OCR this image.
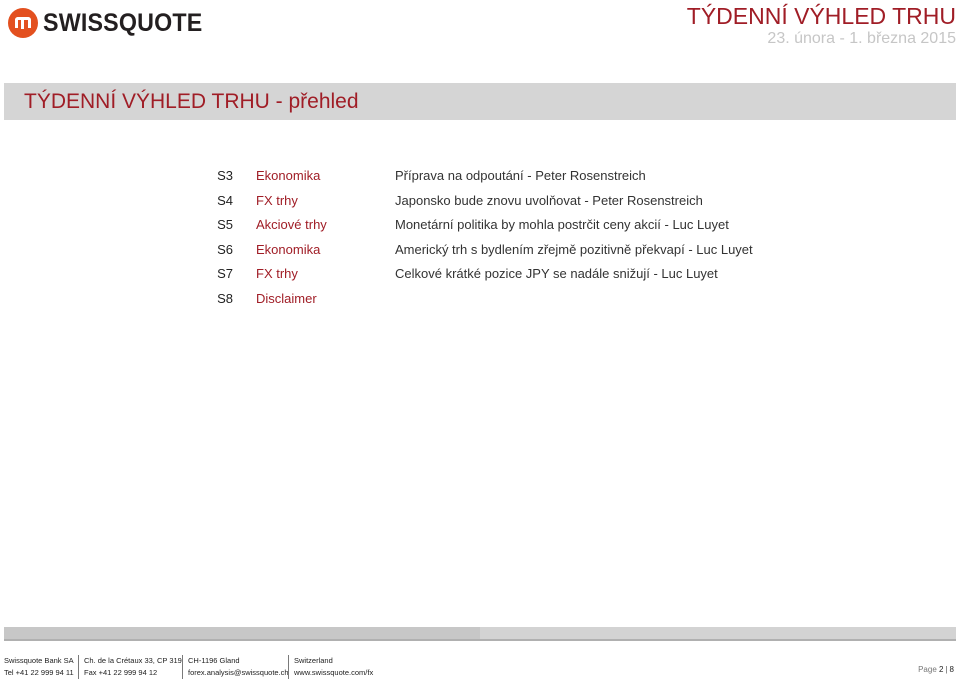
SWISSQUOTE	TÝDENNÍ VÝHLED TRHU
23. února - 1. března 2015
TÝDENNÍ VÝHLED TRHU - přehled
S3 Ekonomika	Příprava na odpoutání - Peter Rosenstreich
S4 FX trhy	Japonsko bude znovu uvolňovat - Peter Rosenstreich
S5 Akciové trhy	Monetární politika by mohla postrčit ceny akcií - Luc Luyet
S6 Ekonomika	Americký trh s bydlením zřejmě pozitivně překvapí - Luc Luyet
S7 FX trhy	Celkové krátké pozice JPY se nadále snižují - Luc Luyet
S8 Disclaimer
Swissquote Bank SA
Tel +41 22 999 94 11
Ch. de la Crétaux 33, CP 319
Fax +41 22 999 94 12
CH-1196 Gland
forex.analysis@swissquote.ch
Switzerland
www.swissquote.com/fx	Page 2 | 8
